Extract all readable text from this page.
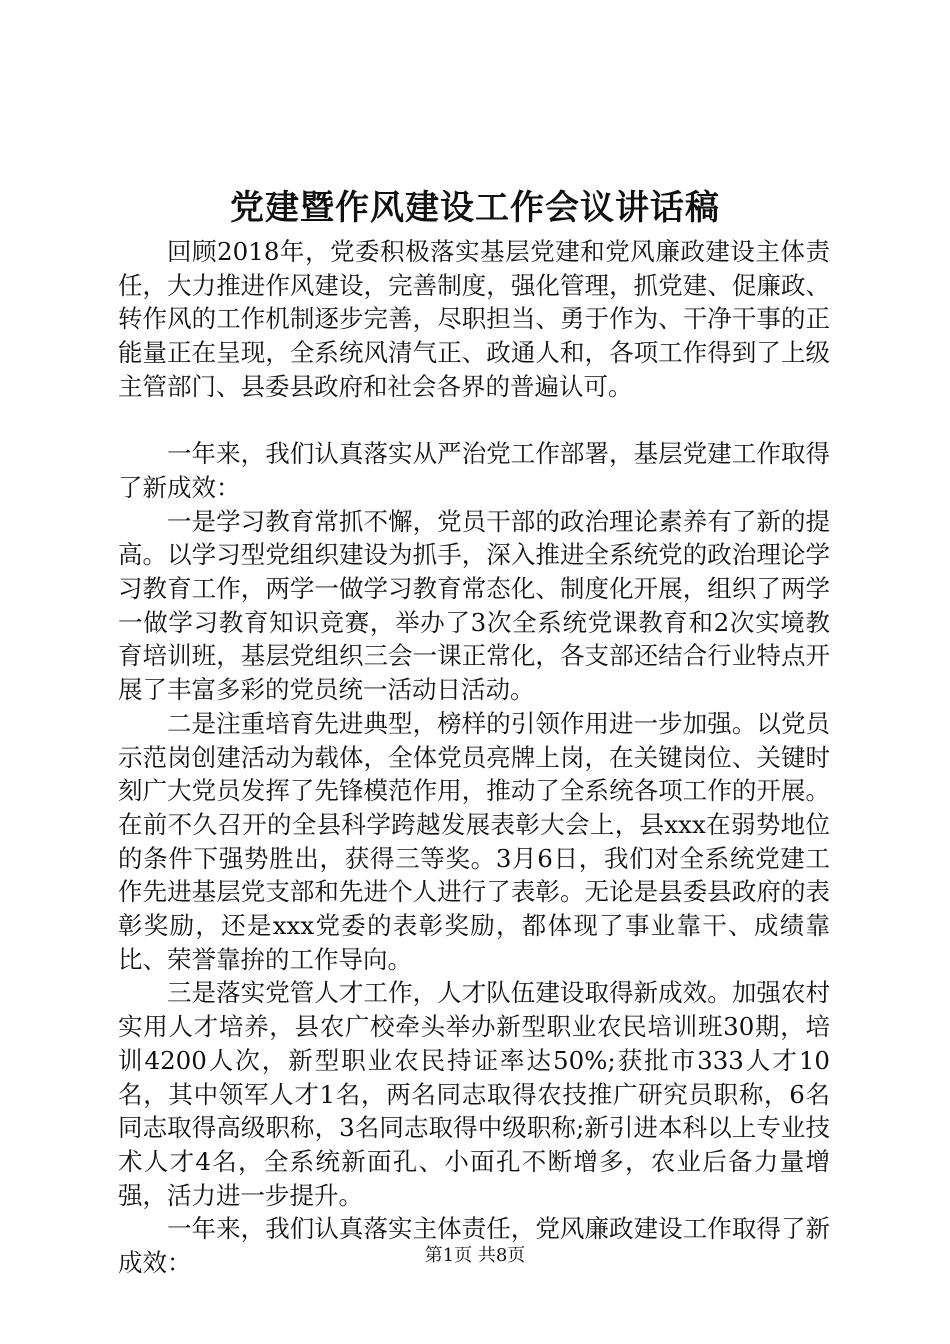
党建暨作风建设工作会议讲话稿

回顾2018年，党委积极落实基层党建和党风廉政建设主体责任，大力推进作风建设，完善制度，强化管理，抓党建、促廉政、转作风的工作机制逐步完善，尽职担当、勇于作为、干净干事的正能量正在呈现，全系统风清气正、政通人和，各项工作得到了上级主管部门、县委县政府和社会各界的普遍认可。

一年来，我们认真落实从严治党工作部署，基层党建工作取得了新成效：

一是学习教育常抓不懈，党员干部的政治理论素养有了新的提高。以学习型党组织建设为抓手，深入推进全系统党的政治理论学习教育工作，两学一做学习教育常态化、制度化开展，组织了两学一做学习教育知识竞赛，举办了3次全系统党课教育和2次实境教育培训班，基层党组织三会一课正常化，各支部还结合行业特点开展了丰富多彩的党员统一活动日活动。

二是注重培育先进典型，榜样的引领作用进一步加强。以党员示范岗创建活动为载体，全体党员亮牌上岗，在关键岗位、关键时刻广大党员发挥了先锋模范作用，推动了全系统各项工作的开展。在前不久召开的全县科学跨越发展表彰大会上，县xxx在弱势地位的条件下强势胜出，获得三等奖。3月6日，我们对全系统党建工作先进基层党支部和先进个人进行了表彰。无论是县委县政府的表彰奖励，还是xxx党委的表彰奖励，都体现了事业靠干、成绩靠比、荣誉靠拚的工作导向。

三是落实党管人才工作，人才队伍建设取得新成效。加强农村实用人才培养，县农广校牵头举办新型职业农民培训班30期，培训4200人次，新型职业农民持证率达50%;获批市333人才10名，其中领军人才1名，两名同志取得农技推广研究员职称，6名同志取得高级职称，3名同志取得中级职称;新引进本科以上专业技术人才4名，全系统新面孔、小面孔不断增多，农业后备力量增强，活力进一步提升。

一年来，我们认真落实主体责任，党风廉政建设工作取得了新成效：	第1页 共8页
